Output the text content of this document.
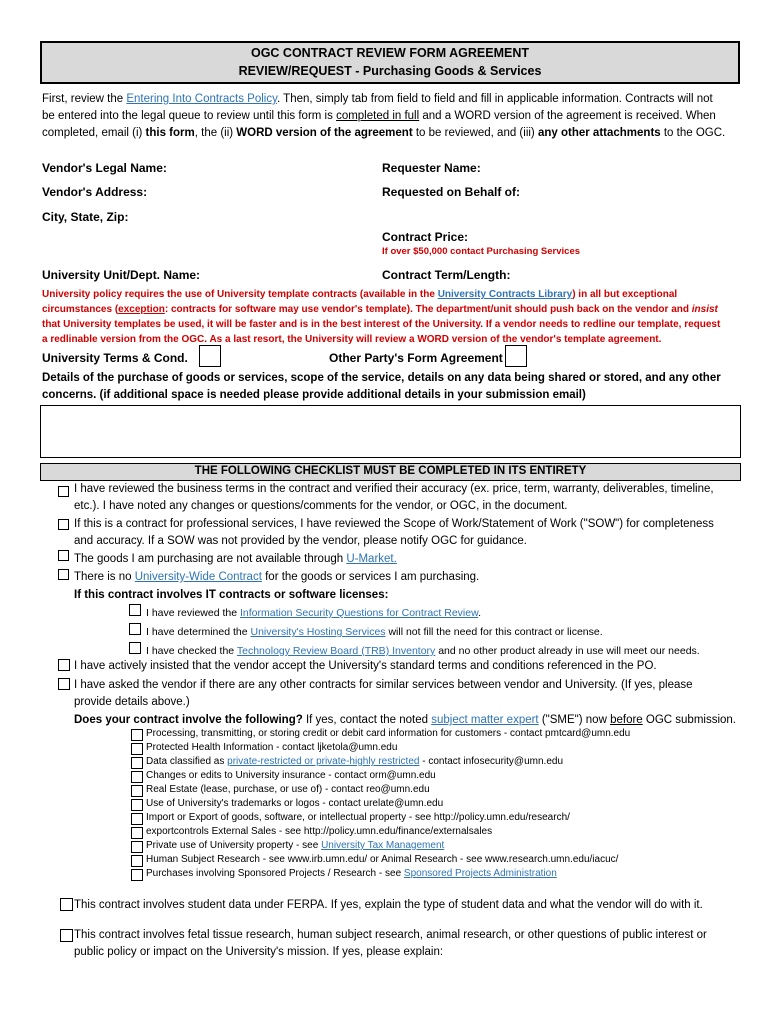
OGC CONTRACT REVIEW FORM AGREEMENT
REVIEW/REQUEST - Purchasing Goods & Services
First, review the Entering Into Contracts Policy. Then, simply tab from field to field and fill in applicable information. Contracts will not
be entered into the legal queue to review until this form is completed in full and a WORD version of the agreement is received. When
completed, email (i) this form, the (ii) WORD version of the agreement to be reviewed, and (iii) any other attachments to the OGC.
Vendor's Legal Name:
Vendor's Address:
City, State, Zip:
University Unit/Dept. Name:
Requester Name:
Requested on Behalf of:
Contract Price:
If over $50,000 contact Purchasing Services
Contract Term/Length:
University policy requires the use of University template contracts (available in the University Contracts Library) in all but exceptional
circumstances (exception: contracts for software may use vendor's template). The department/unit should push back on the vendor and insist
that University templates be used, it will be faster and is in the best interest of the University. If a vendor needs to redline our template, request
a redlinable version from the OGC. As a last resort, the University will review a WORD version of the vendor's template agreement.
University Terms & Cond.	Other Party's Form Agreement
Details of the purchase of goods or services, scope of the service, details on any data being shared or stored, and any other
concerns. (if additional space is needed please provide additional details in your submission email)
THE FOLLOWING CHECKLIST MUST BE COMPLETED IN ITS ENTIRETY
I have reviewed the business terms in the contract and verified their accuracy (ex. price, term, warranty, deliverables, timeline,
etc.). I have noted any changes or questions/comments for the vendor, or OGC, in the document.
If this is a contract for professional services, I have reviewed the Scope of Work/Statement of Work ("SOW") for completeness
and accuracy. If a SOW was not provided by the vendor, please notify OGC for guidance.
The goods I am purchasing are not available through U-Market.
There is no University-Wide Contract for the goods or services I am purchasing.
If this contract involves IT contracts or software licenses:
I have reviewed the Information Security Questions for Contract Review.
I have determined the University's Hosting Services will not fill the need for this contract or license.
I have checked the Technology Review Board (TRB) Inventory and no other product already in use will meet our needs.
I have actively insisted that the vendor accept the University's standard terms and conditions referenced in the PO.
I have asked the vendor if there are any other contracts for similar services between vendor and University. (If yes, please
provide details above.)
Does your contract involve the following? If yes, contact the noted subject matter expert ("SME") now before OGC submission.
Processing, transmitting, or storing credit or debit card information for customers - contact pmtcard@umn.edu
Protected Health Information - contact ljketola@umn.edu
Data classified as private-restricted or private-highly restricted - contact infosecurity@umn.edu
Changes or edits to University insurance - contact orm@umn.edu
Real Estate (lease, purchase, or use of) - contact reo@umn.edu
Use of University's trademarks or logos - contact urelate@umn.edu
Import or Export of goods, software, or intellectual property - see http://policy.umn.edu/research/
exportcontrols External Sales - see http://policy.umn.edu/finance/externalsales
Private use of University property - see University Tax Management
Human Subject Research - see www.irb.umn.edu/ or Animal Research - see www.research.umn.edu/iacuc/
Purchases involving Sponsored Projects / Research - see Sponsored Projects Administration
This contract involves student data under FERPA. If yes, explain the type of student data and what the vendor will do with it.
This contract involves fetal tissue research, human subject research, animal research, or other questions of public interest or
public policy or impact on the University's mission. If yes, please explain:
